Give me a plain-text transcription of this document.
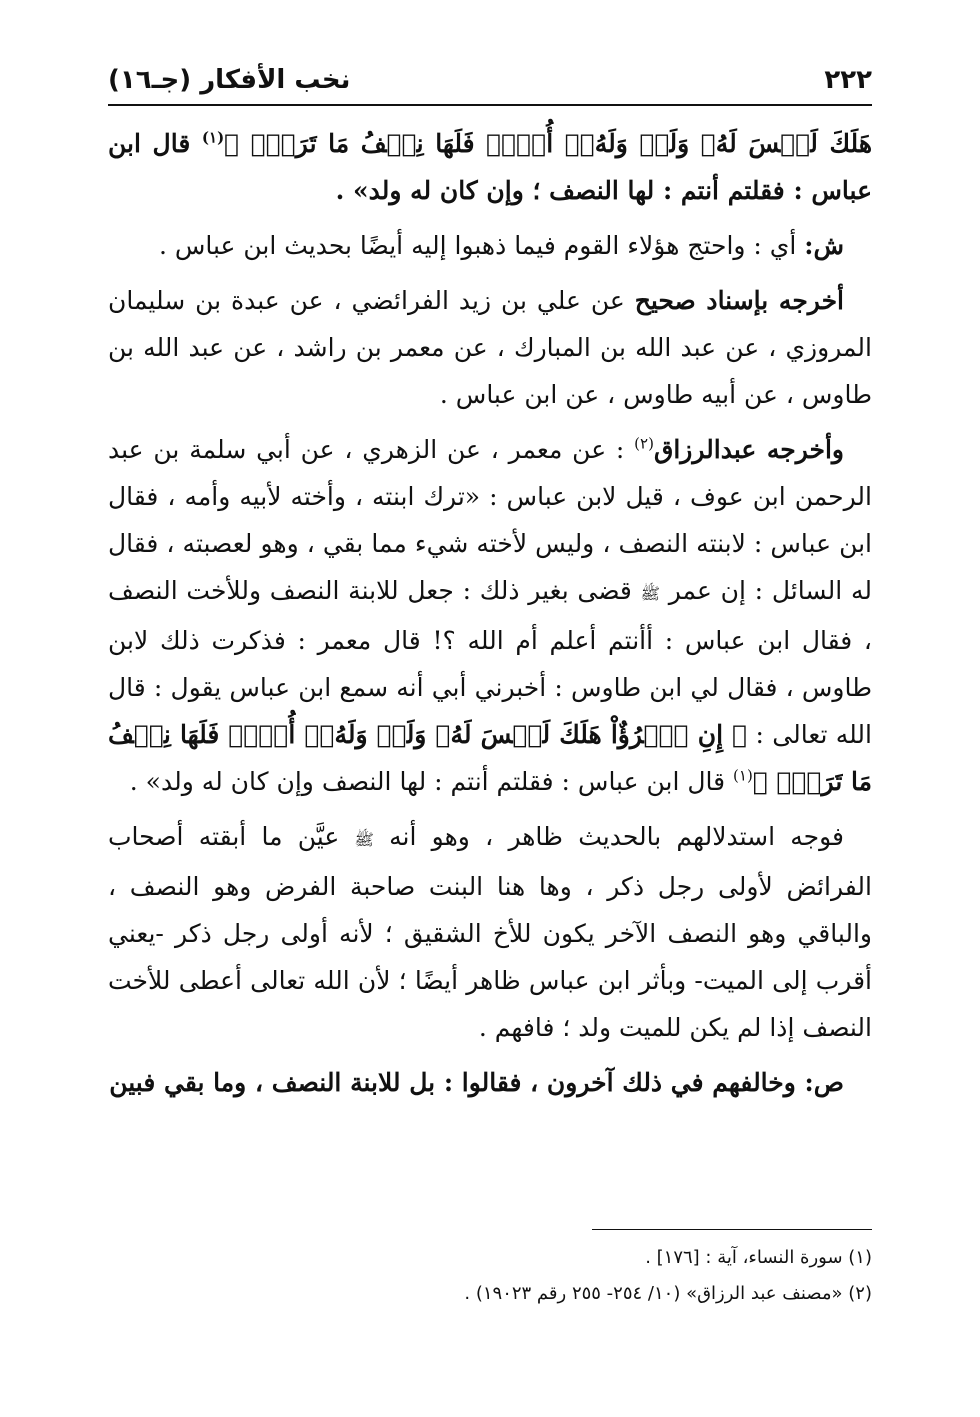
٢٢٢
نخب الأفكار (جـ١٦)

هَلَكَ لَيۡسَ لَهُۥ وَلَدٞ وَلَهُۥٓ أُخۡتٞ فَلَهَا نِصۡفُ مَا تَرَكَۚ ﴾$^{(١)}$ قال ابن عباس : فقلتم أنتم : لها النصف ؛ وإن كان له ولد» .

ش: أي : واحتج هؤلاء القوم فيما ذهبوا إليه أيضًا بحديث ابن عباس .

أخرجه بإسناد صحيح عن علي بن زيد الفرائضي ، عن عبدة بن سليمان المروزي ، عن عبد الله بن المبارك ، عن معمر بن راشد ، عن عبد الله بن طاوس ، عن أبيه طاوس ، عن ابن عباس .

وأخرجه عبدالرزاق$^{(٢)}$ : عن معمر ، عن الزهري ، عن أبي سلمة بن عبد الرحمن ابن عوف ، قيل لابن عباس : «ترك ابنته ، وأخته لأبيه وأمه ، فقال ابن عباس : لابنته النصف ، وليس لأخته شيء مما بقي ، وهو لعصبته ، فقال له السائل : إن عمر ﷺ قضى بغير ذلك : جعل للابنة النصف وللأخت النصف ، فقال ابن عباس : أأنتم أعلم أم الله ؟! قال معمر : فذكرت ذلك لابن طاوس ، فقال لي ابن طاوس : أخبرني أبي أنه سمع ابن عباس يقول : قال الله تعالى : ﴿ إِنِ ٱمۡرُؤٌاْ هَلَكَ لَيۡسَ لَهُۥ وَلَدٞ وَلَهُۥٓ أُخۡتٞ فَلَهَا نِصۡفُ مَا تَرَكَۚ ﴾$^{(١)}$ قال ابن عباس : فقلتم أنتم : لها النصف وإن كان له ولد» .

فوجه استدلالهم بالحديث ظاهر ، وهو أنه ﷺ عيَّن ما أبقته أصحاب الفرائض لأولى رجل ذكر ، وها هنا البنت صاحبة الفرض وهو النصف ، والباقي وهو النصف الآخر يكون للأخ الشقيق ؛ لأنه أولى رجل ذكر -يعني أقرب إلى الميت- وبأثر ابن عباس ظاهر أيضًا ؛ لأن الله تعالى أعطى للأخت النصف إذا لم يكن للميت ولد ؛ فافهم .

ص: وخالفهم في ذلك آخرون ، فقالوا : بل للابنة النصف ، وما بقي فبين

(١) سورة النساء، آية : [١٧٦] .
(٢) «مصنف عبد الرزاق» (١٠/ ٢٥٤- ٢٥٥ رقم ١٩٠٢٣) .
